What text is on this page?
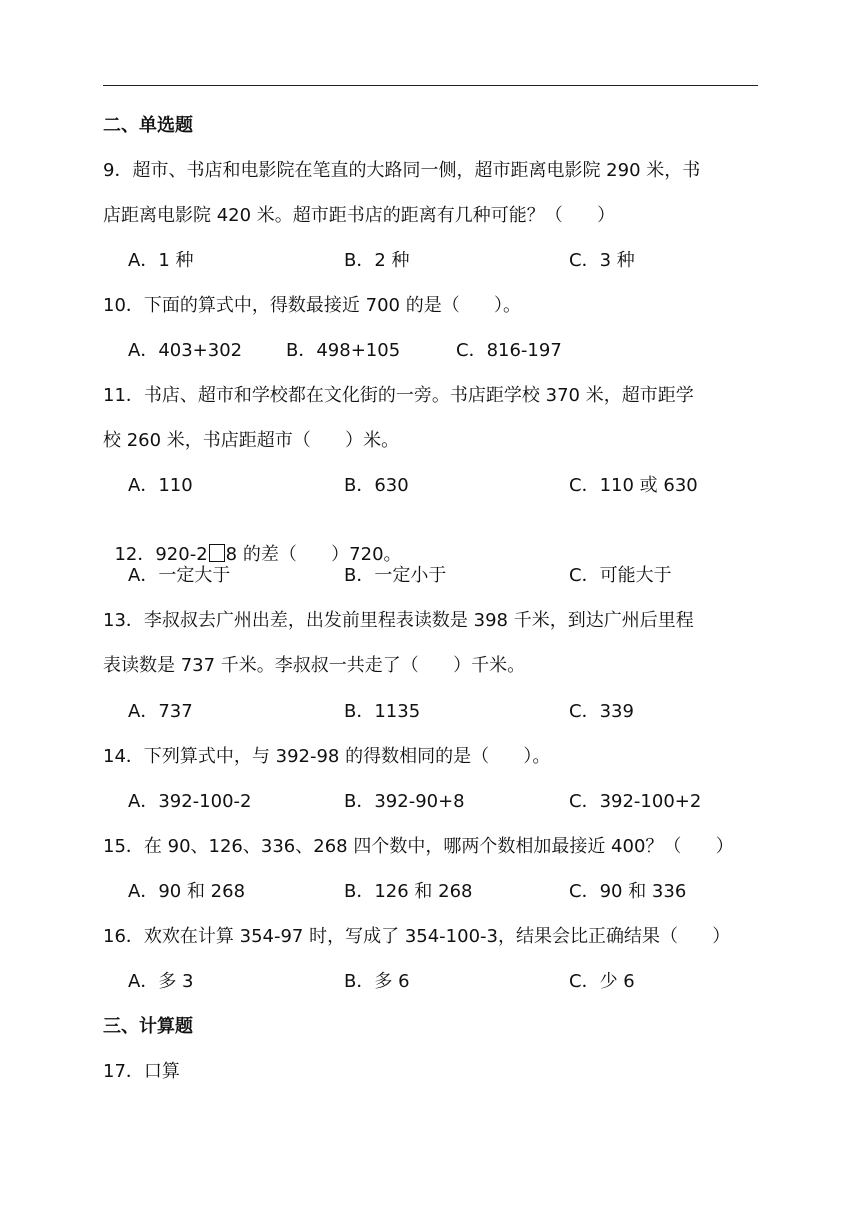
二、单选题
9．超市、书店和电影院在笔直的大路同一侧，超市距离电影院 290 米，书
店距离电影院 420 米。超市距书店的距离有几种可能？（      ）
A．1 种	B．2 种	C．3 种
10．下面的算式中，得数最接近 700 的是（      ）。
A．403+302 B．498+105	C．816-197
11．书店、超市和学校都在文化街的一旁。书店距学校 370 米，超市距学
校 260 米，书店距超市（      ）米。
A．110	B．630	C．110 或 630

12．920-2 8 的差（      ）720。

A．一定大于	B．一定小于	C．可能大于
13．李叔叔去广州出差，出发前里程表读数是 398 千米，到达广州后里程
表读数是 737 千米。李叔叔一共走了（      ）千米。
A．737	B．1135	C．339
14．下列算式中，与 392-98 的得数相同的是（      ）。
A．392-100-2	B．392-90+8	C．392-100+2
15．在 90、126、336、268 四个数中，哪两个数相加最接近 400？（      ）
A．90 和 268	B．126 和 268	C．90 和 336
16．欢欢在计算 354-97 时，写成了 354-100-3，结果会比正确结果（      ）
A．多 3	B．多 6	C．少 6
三、计算题
17．口算
